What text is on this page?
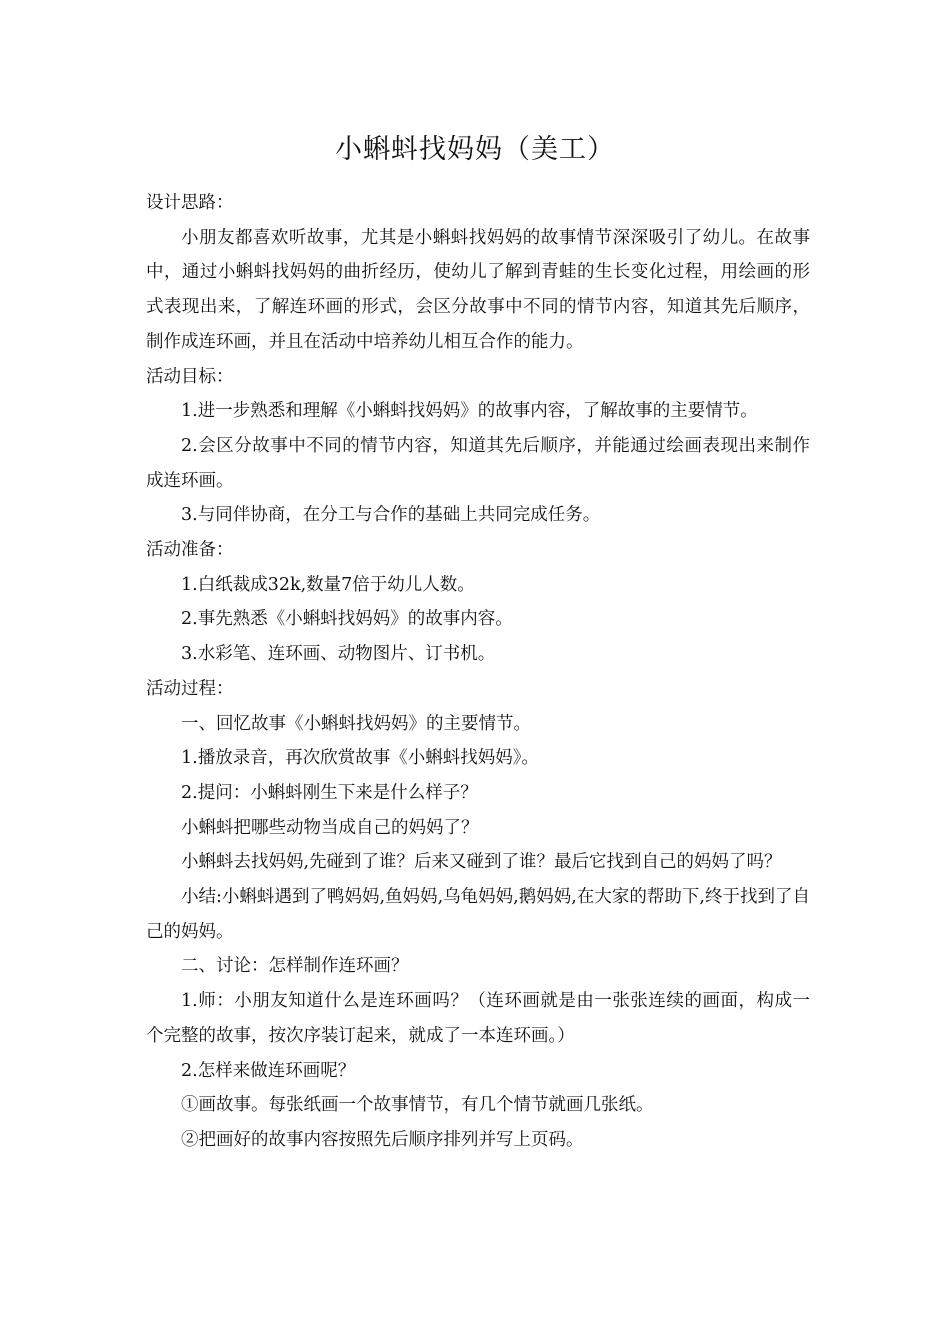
小蝌蚪找妈妈（美工）

设计思路：

小朋友都喜欢听故事，尤其是小蝌蚪找妈妈的故事情节深深吸引了幼儿。在故事中，通过小蝌蚪找妈妈的曲折经历，使幼儿了解到青蛙的生长变化过程，用绘画的形式表现出来，了解连环画的形式，会区分故事中不同的情节内容，知道其先后顺序，制作成连环画，并且在活动中培养幼儿相互合作的能力。

活动目标：

1.进一步熟悉和理解《小蝌蚪找妈妈》的故事内容，了解故事的主要情节。

2.会区分故事中不同的情节内容，知道其先后顺序，并能通过绘画表现出来制作成连环画。

3.与同伴协商，在分工与合作的基础上共同完成任务。

活动准备：

1.白纸裁成32k,数量7倍于幼儿人数。

2.事先熟悉《小蝌蚪找妈妈》的故事内容。

3.水彩笔、连环画、动物图片、订书机。

活动过程：

一、回忆故事《小蝌蚪找妈妈》的主要情节。

1.播放录音，再次欣赏故事《小蝌蚪找妈妈》。

2.提问：小蝌蚪刚生下来是什么样子？

小蝌蚪把哪些动物当成自己的妈妈了？

小蝌蚪去找妈妈,先碰到了谁？后来又碰到了谁？最后它找到自己的妈妈了吗？

小结:小蝌蚪遇到了鸭妈妈,鱼妈妈,乌龟妈妈,鹅妈妈,在大家的帮助下,终于找到了自己的妈妈。

二、讨论：怎样制作连环画？

1.师：小朋友知道什么是连环画吗？（连环画就是由一张张连续的画面，构成一个完整的故事，按次序装订起来，就成了一本连环画。）

2.怎样来做连环画呢？

①画故事。每张纸画一个故事情节，有几个情节就画几张纸。

②把画好的故事内容按照先后顺序排列并写上页码。
